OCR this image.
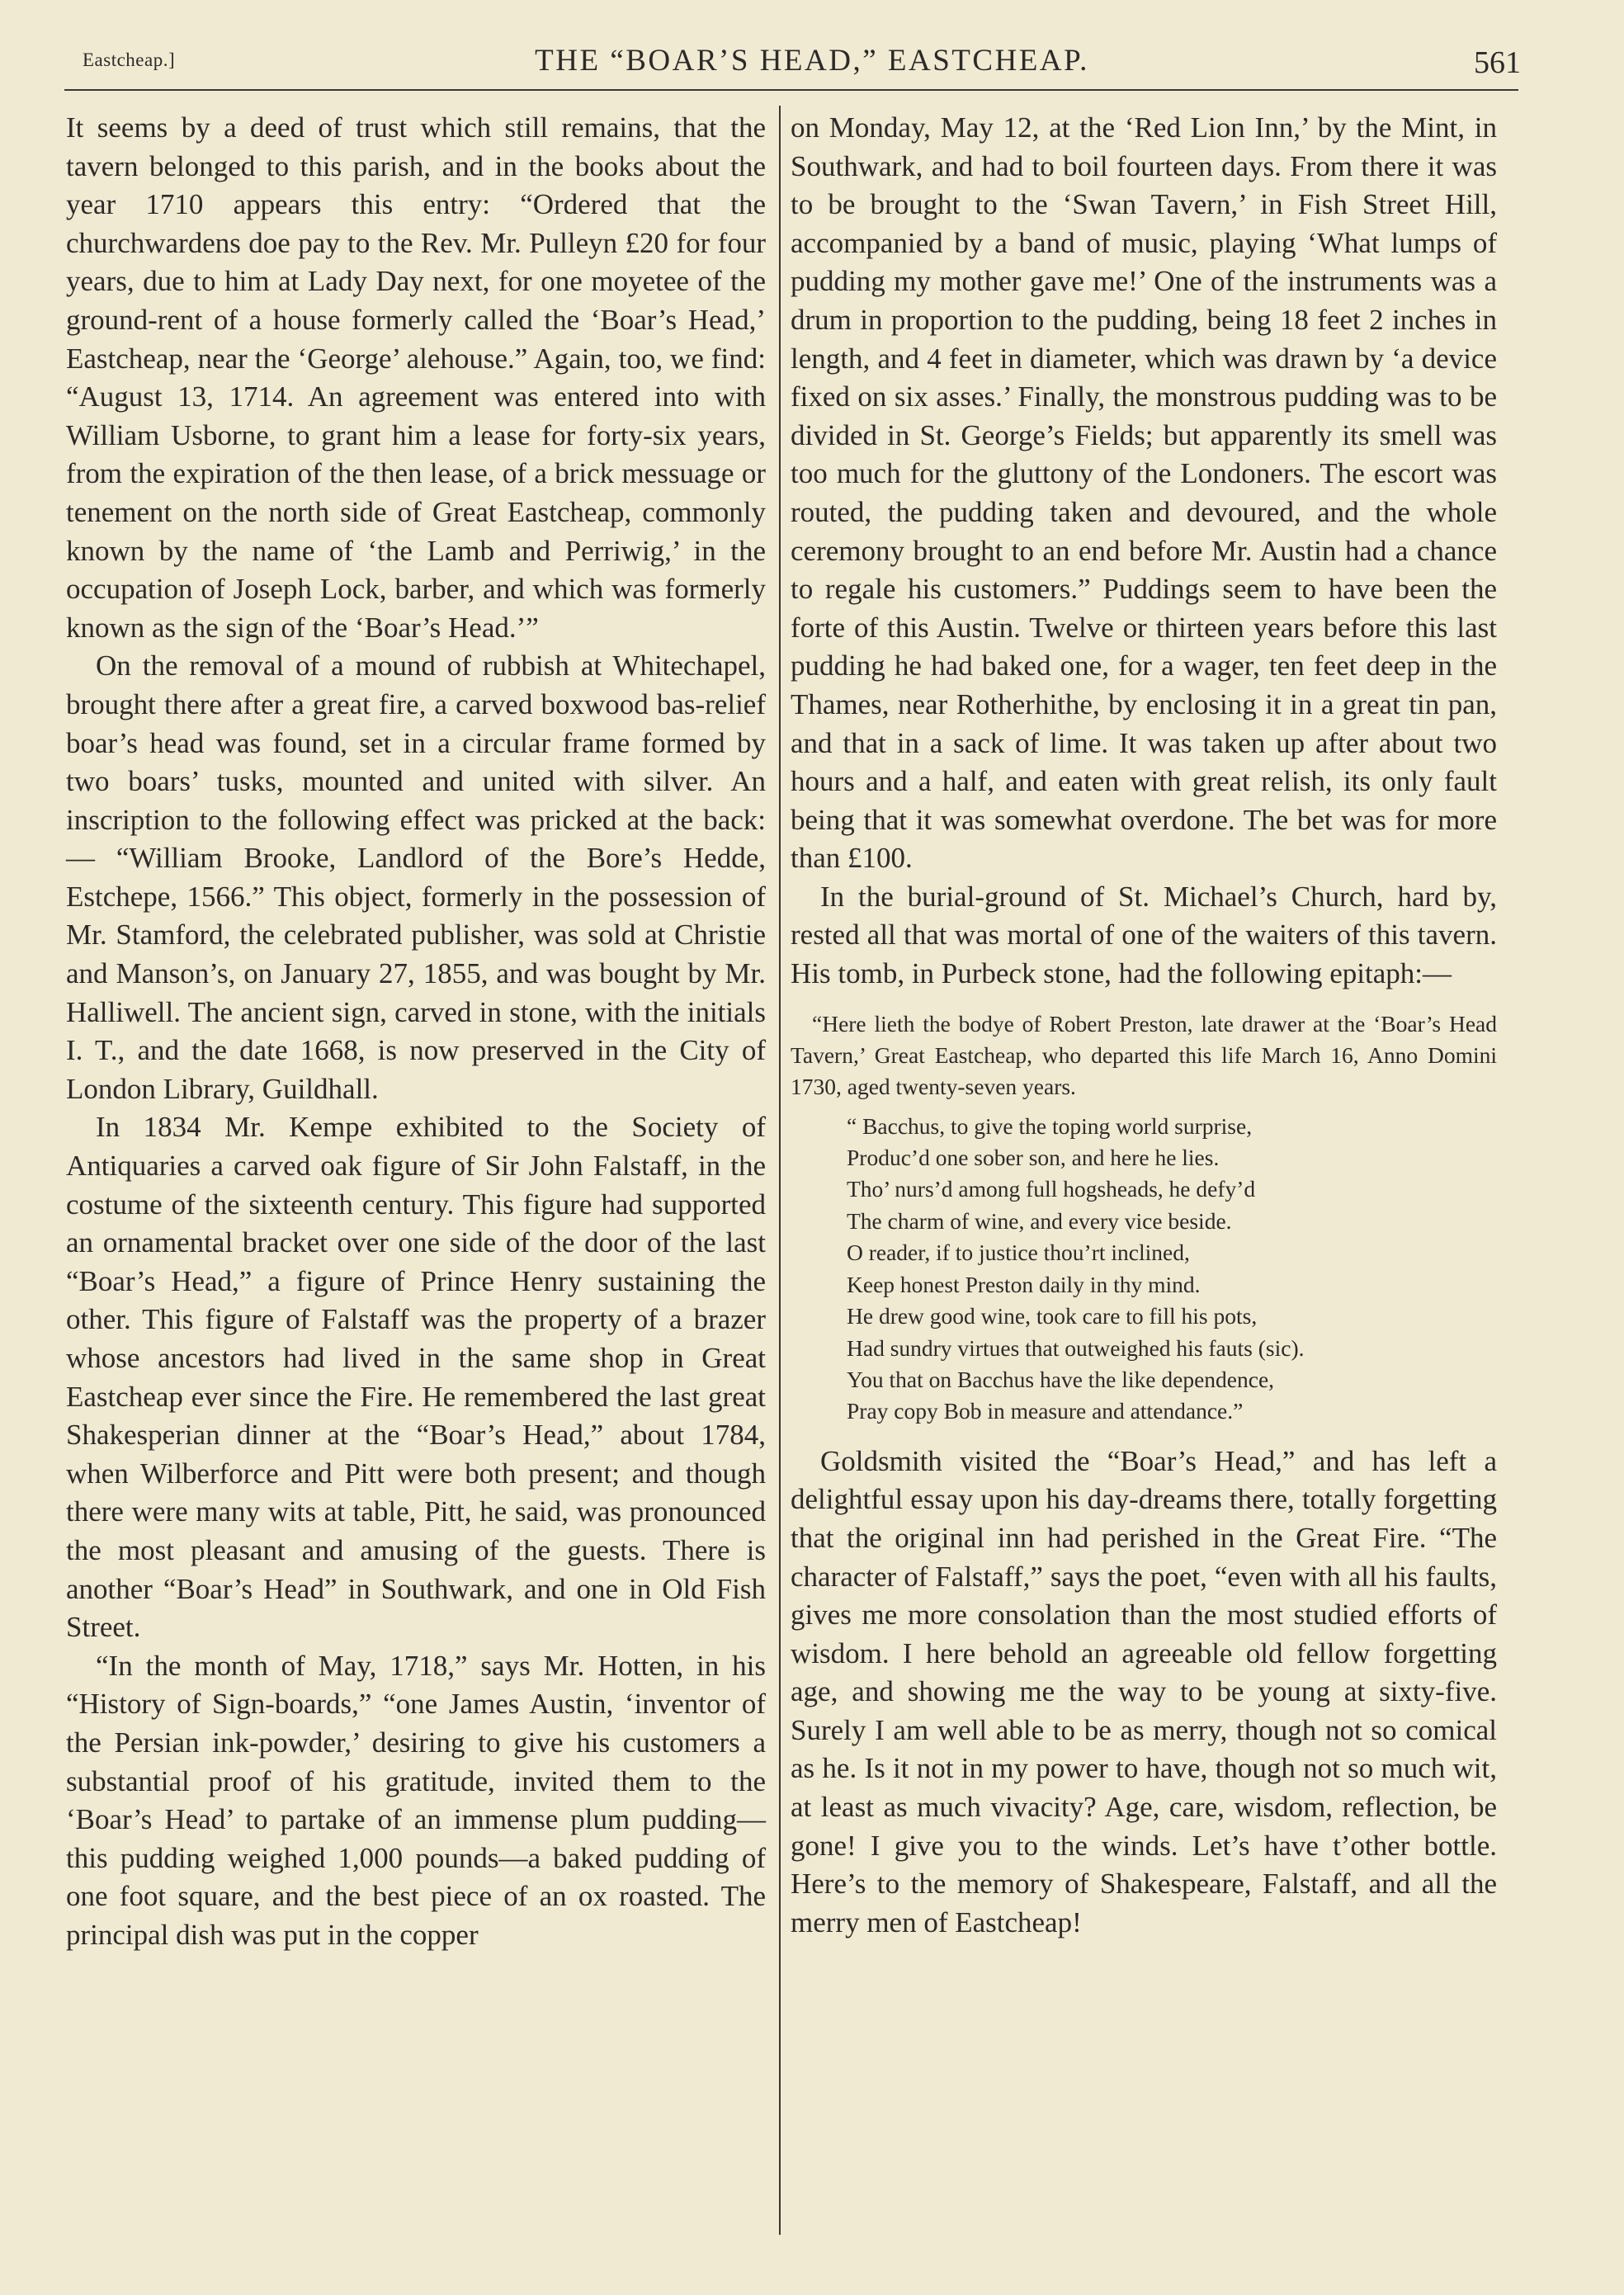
Eastcheap.]	THE “BOAR’S HEAD,” EASTCHEAP.	561

It seems by a deed of trust which still remains, that the tavern belonged to this parish, and in the books about the year 1710 appears this entry: “Ordered that the churchwardens doe pay to the Rev. Mr. Pulleyn £20 for four years, due to him at Lady Day next, for one moyetee of the ground-rent of a house formerly called the ‘Boar’s Head,’ Eastcheap, near the ‘George’ alehouse.” Again, too, we find: “August 13, 1714. An agreement was entered into with William Usborne, to grant him a lease for forty-six years, from the expiration of the then lease, of a brick messuage or tenement on the north side of Great Eastcheap, commonly known by the name of ‘the Lamb and Perriwig,’ in the occupation of Joseph Lock, barber, and which was formerly known as the sign of the ‘Boar’s Head.’”

On the removal of a mound of rubbish at Whitechapel, brought there after a great fire, a carved boxwood bas-relief boar’s head was found, set in a circular frame formed by two boars’ tusks, mounted and united with silver. An inscription to the following effect was pricked at the back:— “William Brooke, Landlord of the Bore’s Hedde, Estchepe, 1566.” This object, formerly in the possession of Mr. Stamford, the celebrated publisher, was sold at Christie and Manson’s, on January 27, 1855, and was bought by Mr. Halliwell. The ancient sign, carved in stone, with the initials I. T., and the date 1668, is now preserved in the City of London Library, Guildhall.

In 1834 Mr. Kempe exhibited to the Society of Antiquaries a carved oak figure of Sir John Falstaff, in the costume of the sixteenth century. This figure had supported an ornamental bracket over one side of the door of the last “Boar’s Head,” a figure of Prince Henry sustaining the other. This figure of Falstaff was the property of a brazer whose ancestors had lived in the same shop in Great Eastcheap ever since the Fire. He remembered the last great Shakesperian dinner at the “Boar’s Head,” about 1784, when Wilberforce and Pitt were both present; and though there were many wits at table, Pitt, he said, was pronounced the most pleasant and amusing of the guests. There is another “Boar’s Head” in Southwark, and one in Old Fish Street.

“In the month of May, 1718,” says Mr. Hotten, in his “History of Sign-boards,” “one James Austin, ‘inventor of the Persian ink-powder,’ desiring to give his customers a substantial proof of his gratitude, invited them to the ‘Boar’s Head’ to partake of an immense plum pudding—this pudding weighed 1,000 pounds—a baked pudding of one foot square, and the best piece of an ox roasted. The principal dish was put in the copper

on Monday, May 12, at the ‘Red Lion Inn,’ by the Mint, in Southwark, and had to boil fourteen days. From there it was to be brought to the ‘Swan Tavern,’ in Fish Street Hill, accompanied by a band of music, playing ‘What lumps of pudding my mother gave me!’ One of the instruments was a drum in proportion to the pudding, being 18 feet 2 inches in length, and 4 feet in diameter, which was drawn by ‘a device fixed on six asses.’ Finally, the monstrous pudding was to be divided in St. George’s Fields; but apparently its smell was too much for the gluttony of the Londoners. The escort was routed, the pudding taken and devoured, and the whole ceremony brought to an end before Mr. Austin had a chance to regale his customers.” Puddings seem to have been the forte of this Austin. Twelve or thirteen years before this last pudding he had baked one, for a wager, ten feet deep in the Thames, near Rotherhithe, by enclosing it in a great tin pan, and that in a sack of lime. It was taken up after about two hours and a half, and eaten with great relish, its only fault being that it was somewhat overdone. The bet was for more than £100.

In the burial-ground of St. Michael’s Church, hard by, rested all that was mortal of one of the waiters of this tavern. His tomb, in Purbeck stone, had the following epitaph:—

“Here lieth the bodye of Robert Preston, late drawer at the ‘Boar’s Head Tavern,’ Great Eastcheap, who departed this life March 16, Anno Domini 1730, aged twenty-seven years.

“ Bacchus, to give the toping world surprise,
Produc’d one sober son, and here he lies.
Tho’ nurs’d among full hogsheads, he defy’d
The charm of wine, and every vice beside.
O reader, if to justice thou’rt inclined,
Keep honest Preston daily in thy mind.
He drew good wine, took care to fill his pots,
Had sundry virtues that outweighed his fauts (sic).
You that on Bacchus have the like dependence,
Pray copy Bob in measure and attendance.”

Goldsmith visited the “Boar’s Head,” and has left a delightful essay upon his day-dreams there, totally forgetting that the original inn had perished in the Great Fire. “The character of Falstaff,” says the poet, “even with all his faults, gives me more consolation than the most studied efforts of wisdom. I here behold an agreeable old fellow forgetting age, and showing me the way to be young at sixty-five. Surely I am well able to be as merry, though not so comical as he. Is it not in my power to have, though not so much wit, at least as much vivacity? Age, care, wisdom, reflection, be gone! I give you to the winds. Let’s have t’other bottle. Here’s to the memory of Shakespeare, Falstaff, and all the merry men of Eastcheap!
